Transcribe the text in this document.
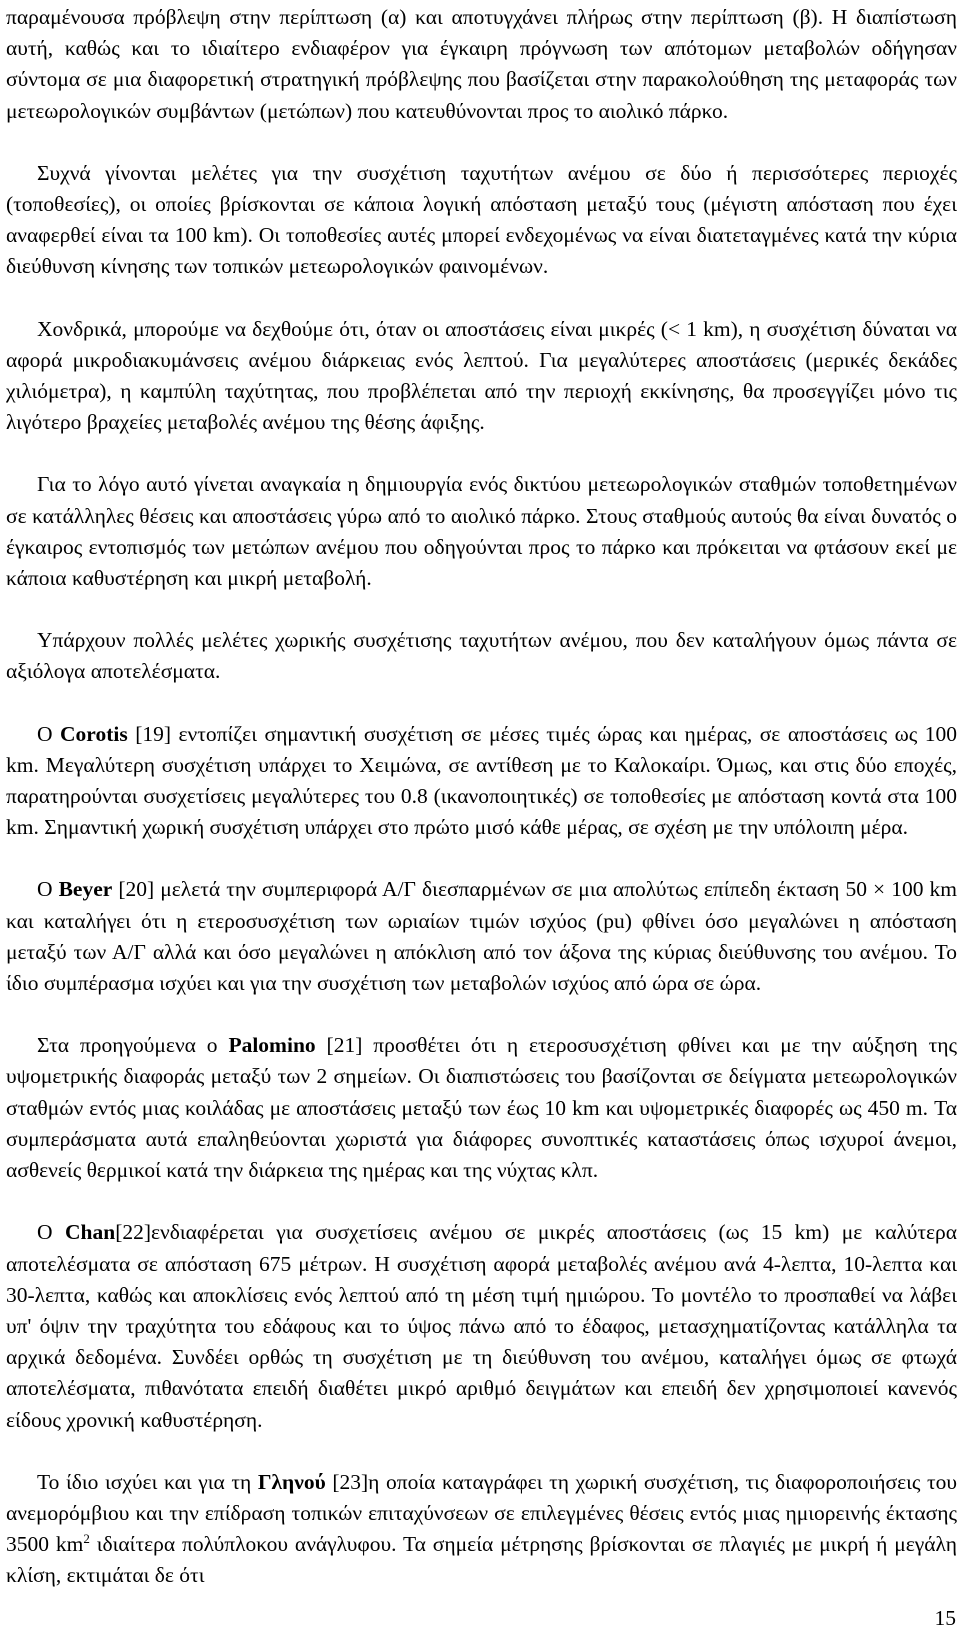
παραμένουσα πρόβλεψη στην περίπτωση (α) και αποτυγχάνει πλήρως στην περίπτωση (β). Η διαπίστωση αυτή, καθώς και το ιδιαίτερο ενδιαφέρον για έγκαιρη πρόγνωση των απότομων μεταβολών οδήγησαν σύντομα σε μια διαφορετική στρατηγική πρόβλεψης που βασίζεται στην παρακολούθηση της μεταφοράς των μετεωρολογικών συμβάντων (μετώπων) που κατευθύνονται προς το αιολικό πάρκο.

Συχνά γίνονται μελέτες για την συσχέτιση ταχυτήτων ανέμου σε δύο ή περισσότερες περιοχές (τοποθεσίες), οι οποίες βρίσκονται σε κάποια λογική απόσταση μεταξύ τους (μέγιστη απόσταση που έχει αναφερθεί είναι τα 100 km). Οι τοποθεσίες αυτές μπορεί ενδεχομένως να είναι διατεταγμένες κατά την κύρια διεύθυνση κίνησης των τοπικών μετεωρολογικών φαινομένων.

Χονδρικά, μπορούμε να δεχθούμε ότι, όταν οι αποστάσεις είναι μικρές (< 1 km), η συσχέτιση δύναται να αφορά μικροδιακυμάνσεις ανέμου διάρκειας ενός λεπτού. Για μεγαλύτερες αποστάσεις (μερικές δεκάδες χιλιόμετρα), η καμπύλη ταχύτητας, που προβλέπεται από την περιοχή εκκίνησης, θα προσεγγίζει μόνο τις λιγότερο βραχείες μεταβολές ανέμου της θέσης άφιξης.

Για το λόγο αυτό γίνεται αναγκαία η δημιουργία ενός δικτύου μετεωρολογικών σταθμών τοποθετημένων σε κατάλληλες θέσεις και αποστάσεις γύρω από το αιολικό πάρκο. Στους σταθμούς αυτούς θα είναι δυνατός ο έγκαιρος εντοπισμός των μετώπων ανέμου που οδηγούνται προς το πάρκο και πρόκειται να φτάσουν εκεί με κάποια καθυστέρηση και μικρή μεταβολή.

Υπάρχουν πολλές μελέτες χωρικής συσχέτισης ταχυτήτων ανέμου, που δεν καταλήγουν όμως πάντα σε αξιόλογα αποτελέσματα.

Ο Corotis [19] εντοπίζει σημαντική συσχέτιση σε μέσες τιμές ώρας και ημέρας, σε αποστάσεις ως 100 km. Μεγαλύτερη συσχέτιση υπάρχει το Χειμώνα, σε αντίθεση με το Καλοκαίρι. Όμως, και στις δύο εποχές, παρατηρούνται συσχετίσεις μεγαλύτερες του 0.8 (ικανοποιητικές) σε τοποθεσίες με απόσταση κοντά στα 100 km. Σημαντική χωρική συσχέτιση υπάρχει στο πρώτο μισό κάθε μέρας, σε σχέση με την υπόλοιπη μέρα.

Ο Beyer [20] μελετά την συμπεριφορά Α/Γ διεσπαρμένων σε μια απολύτως επίπεδη έκταση 50 × 100 km και καταλήγει ότι η ετεροσυσχέτιση των ωριαίων τιμών ισχύος (pu) φθίνει όσο μεγαλώνει η απόσταση μεταξύ των Α/Γ αλλά και όσο μεγαλώνει η απόκλιση από τον άξονα της κύριας διεύθυνσης του ανέμου. Το ίδιο συμπέρασμα ισχύει και για την συσχέτιση των μεταβολών ισχύος από ώρα σε ώρα.

Στα προηγούμενα ο Palomino [21] προσθέτει ότι η ετεροσυσχέτιση φθίνει και με την αύξηση της υψομετρικής διαφοράς μεταξύ των 2 σημείων. Οι διαπιστώσεις του βασίζονται σε δείγματα μετεωρολογικών σταθμών εντός μιας κοιλάδας με αποστάσεις μεταξύ των έως 10 km και υψομετρικές διαφορές ως 450 m. Τα συμπεράσματα αυτά επαληθεύονται χωριστά για διάφορες συνοπτικές καταστάσεις όπως ισχυροί άνεμοι, ασθενείς θερμικοί κατά την διάρκεια της ημέρας και της νύχτας κλπ.

Ο Chan[22]ενδιαφέρεται για συσχετίσεις ανέμου σε μικρές αποστάσεις (ως 15 km) με καλύτερα αποτελέσματα σε απόσταση 675 μέτρων. Η συσχέτιση αφορά μεταβολές ανέμου ανά 4-λεπτα, 10-λεπτα και 30-λεπτα, καθώς και αποκλίσεις ενός λεπτού από τη μέση τιμή ημιώρου. Το μοντέλο το προσπαθεί να λάβει υπ' όψιν την τραχύτητα του εδάφους και το ύψος πάνω από το έδαφος, μετασχηματίζοντας κατάλληλα τα αρχικά δεδομένα. Συνδέει ορθώς τη συσχέτιση με τη διεύθυνση του ανέμου, καταλήγει όμως σε φτωχά αποτελέσματα, πιθανότατα επειδή διαθέτει μικρό αριθμό δειγμάτων και επειδή δεν χρησιμοποιεί κανενός είδους χρονική καθυστέρηση.

Το ίδιο ισχύει και για τη Γληνού [23]η οποία καταγράφει τη χωρική συσχέτιση, τις διαφοροποιήσεις του ανεμορόμβιου και την επίδραση τοπικών επιταχύνσεων σε επιλεγμένες θέσεις εντός μιας ημιορεινής έκτασης 3500 $km^2$ ιδιαίτερα πολύπλοκου ανάγλυφου. Τα σημεία μέτρησης βρίσκονται σε πλαγιές με μικρή ή μεγάλη κλίση, εκτιμάται δε ότι

15
